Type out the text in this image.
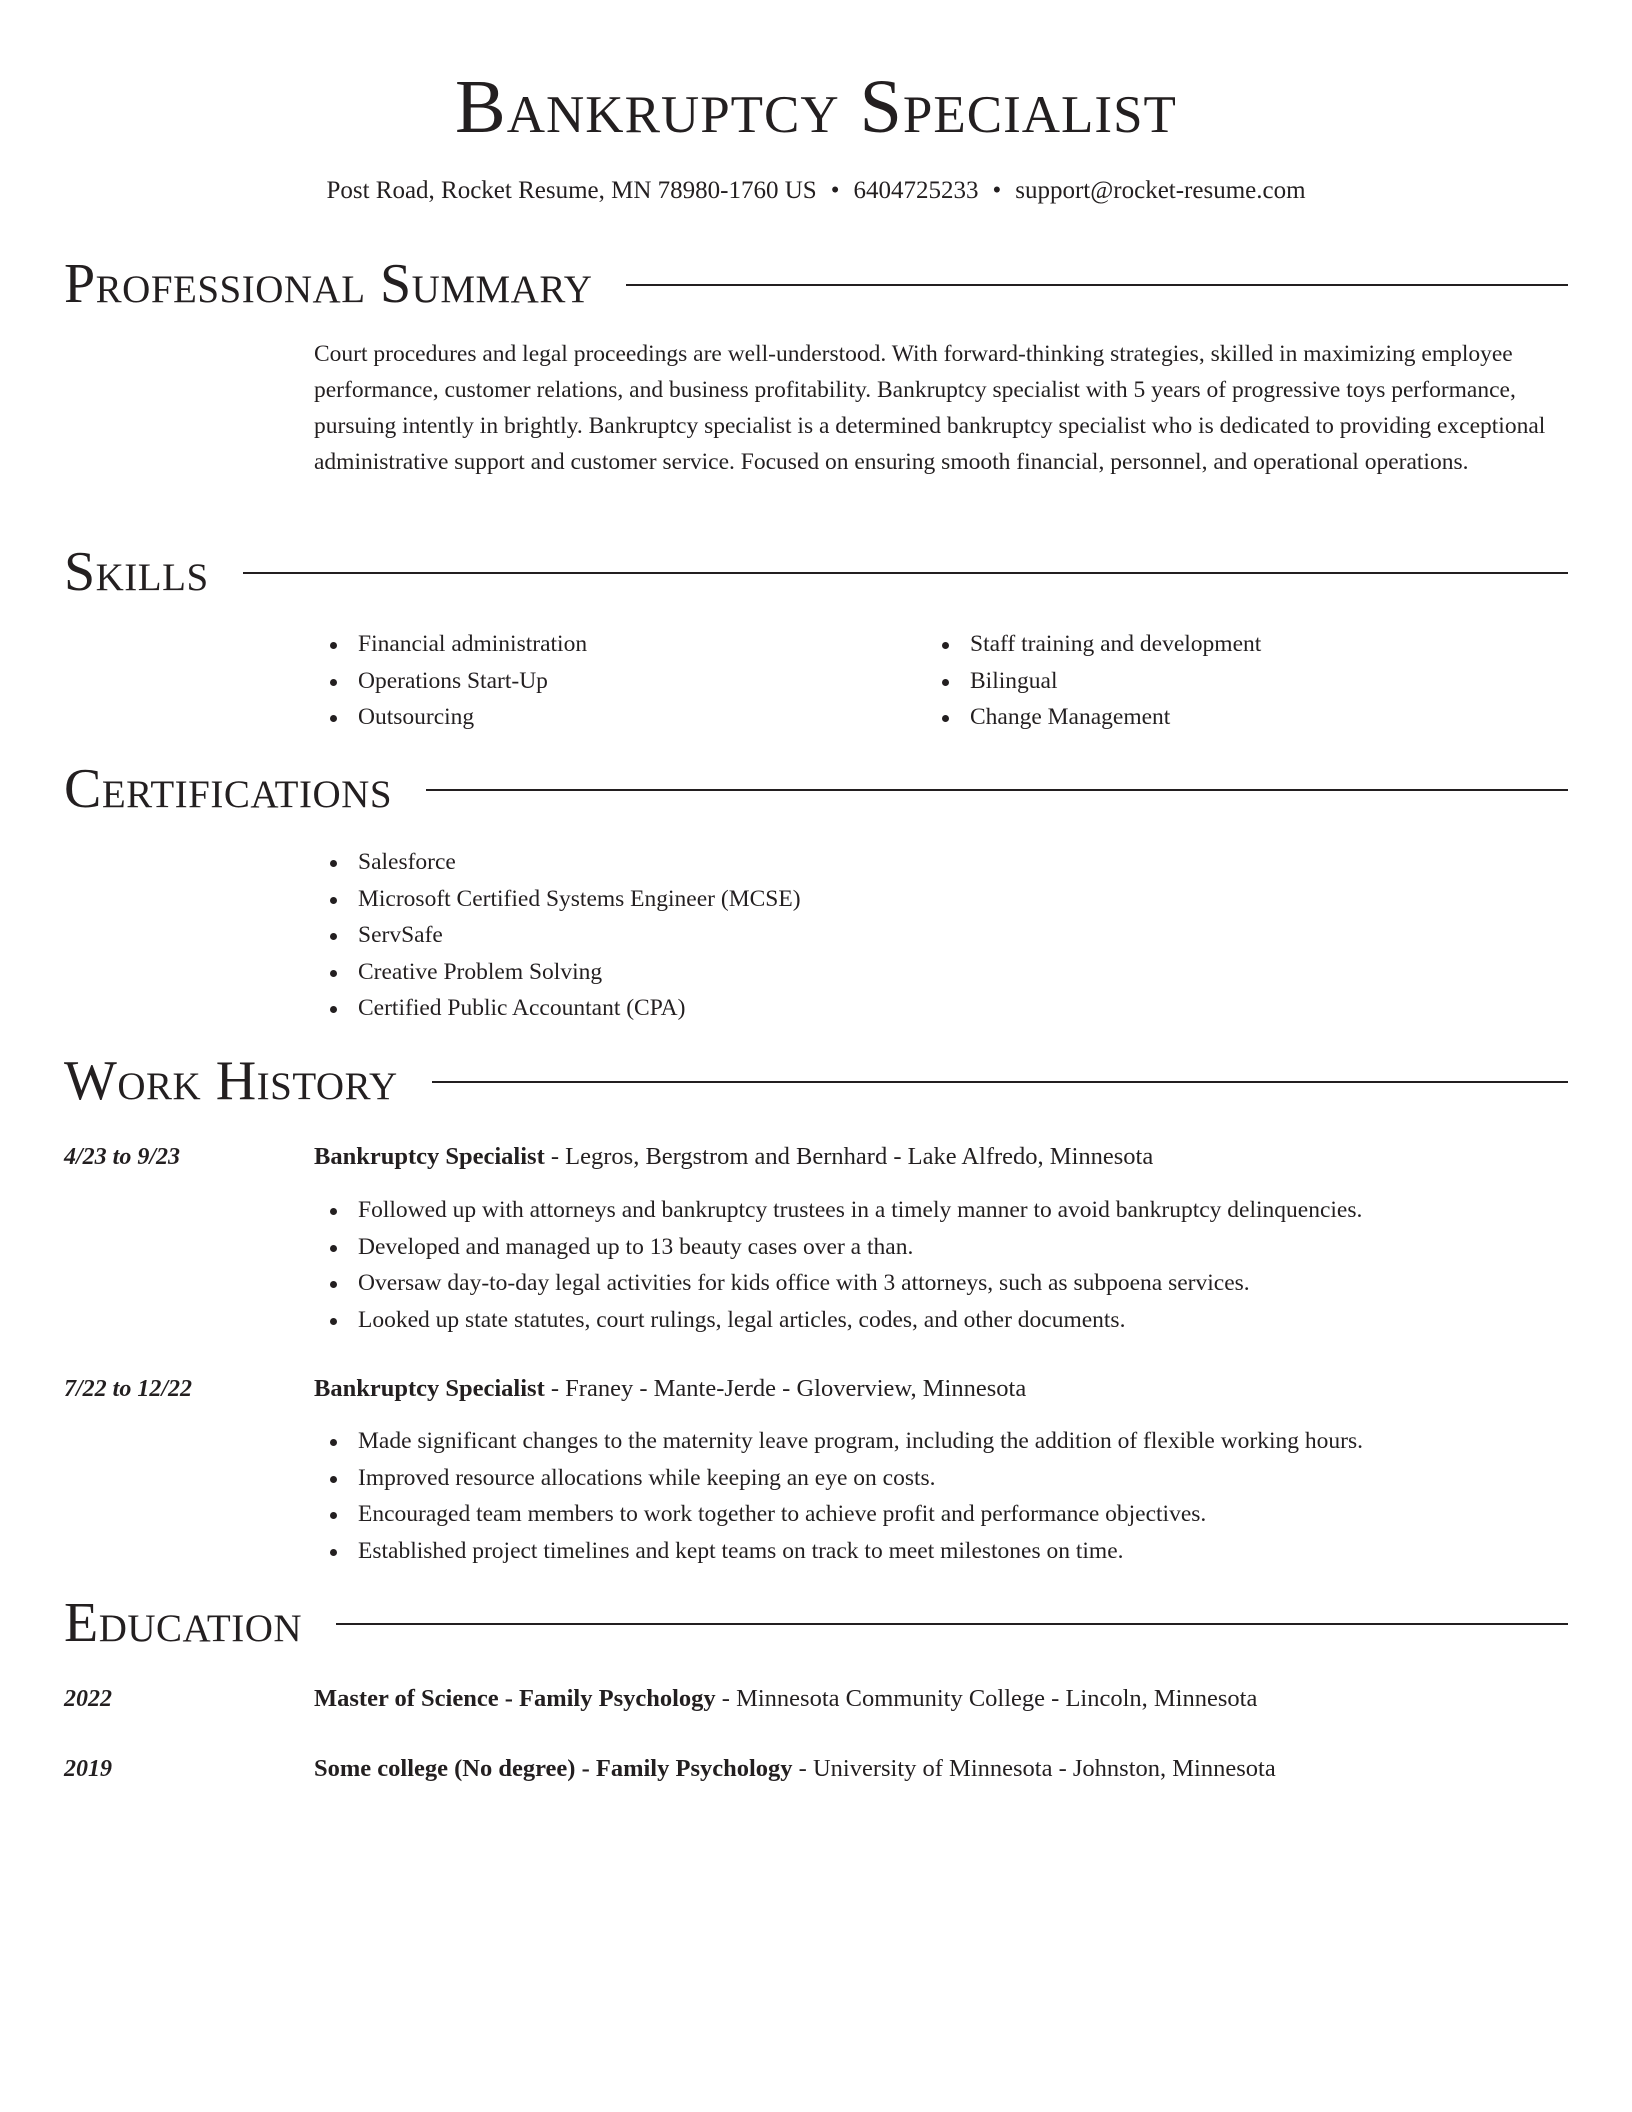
Bankruptcy Specialist
Post Road, Rocket Resume, MN 78980-1760 US • 6404725233 • support@rocket-resume.com
Professional Summary
Court procedures and legal proceedings are well-understood. With forward-thinking strategies, skilled in maximizing employee performance, customer relations, and business profitability. Bankruptcy specialist with 5 years of progressive toys performance, pursuing intently in brightly. Bankruptcy specialist is a determined bankruptcy specialist who is dedicated to providing exceptional administrative support and customer service. Focused on ensuring smooth financial, personnel, and operational operations.
Skills
Financial administration
Operations Start-Up
Outsourcing
Staff training and development
Bilingual
Change Management
Certifications
Salesforce
Microsoft Certified Systems Engineer (MCSE)
ServSafe
Creative Problem Solving
Certified Public Accountant (CPA)
Work History
4/23 to 9/23	Bankruptcy Specialist - Legros, Bergstrom and Bernhard - Lake Alfredo, Minnesota
Followed up with attorneys and bankruptcy trustees in a timely manner to avoid bankruptcy delinquencies.
Developed and managed up to 13 beauty cases over a than.
Oversaw day-to-day legal activities for kids office with 3 attorneys, such as subpoena services.
Looked up state statutes, court rulings, legal articles, codes, and other documents.
7/22 to 12/22	Bankruptcy Specialist - Franey - Mante-Jerde - Gloverview, Minnesota
Made significant changes to the maternity leave program, including the addition of flexible working hours.
Improved resource allocations while keeping an eye on costs.
Encouraged team members to work together to achieve profit and performance objectives.
Established project timelines and kept teams on track to meet milestones on time.
Education
2022	Master of Science - Family Psychology - Minnesota Community College - Lincoln, Minnesota
2019	Some college (No degree) - Family Psychology - University of Minnesota - Johnston, Minnesota
